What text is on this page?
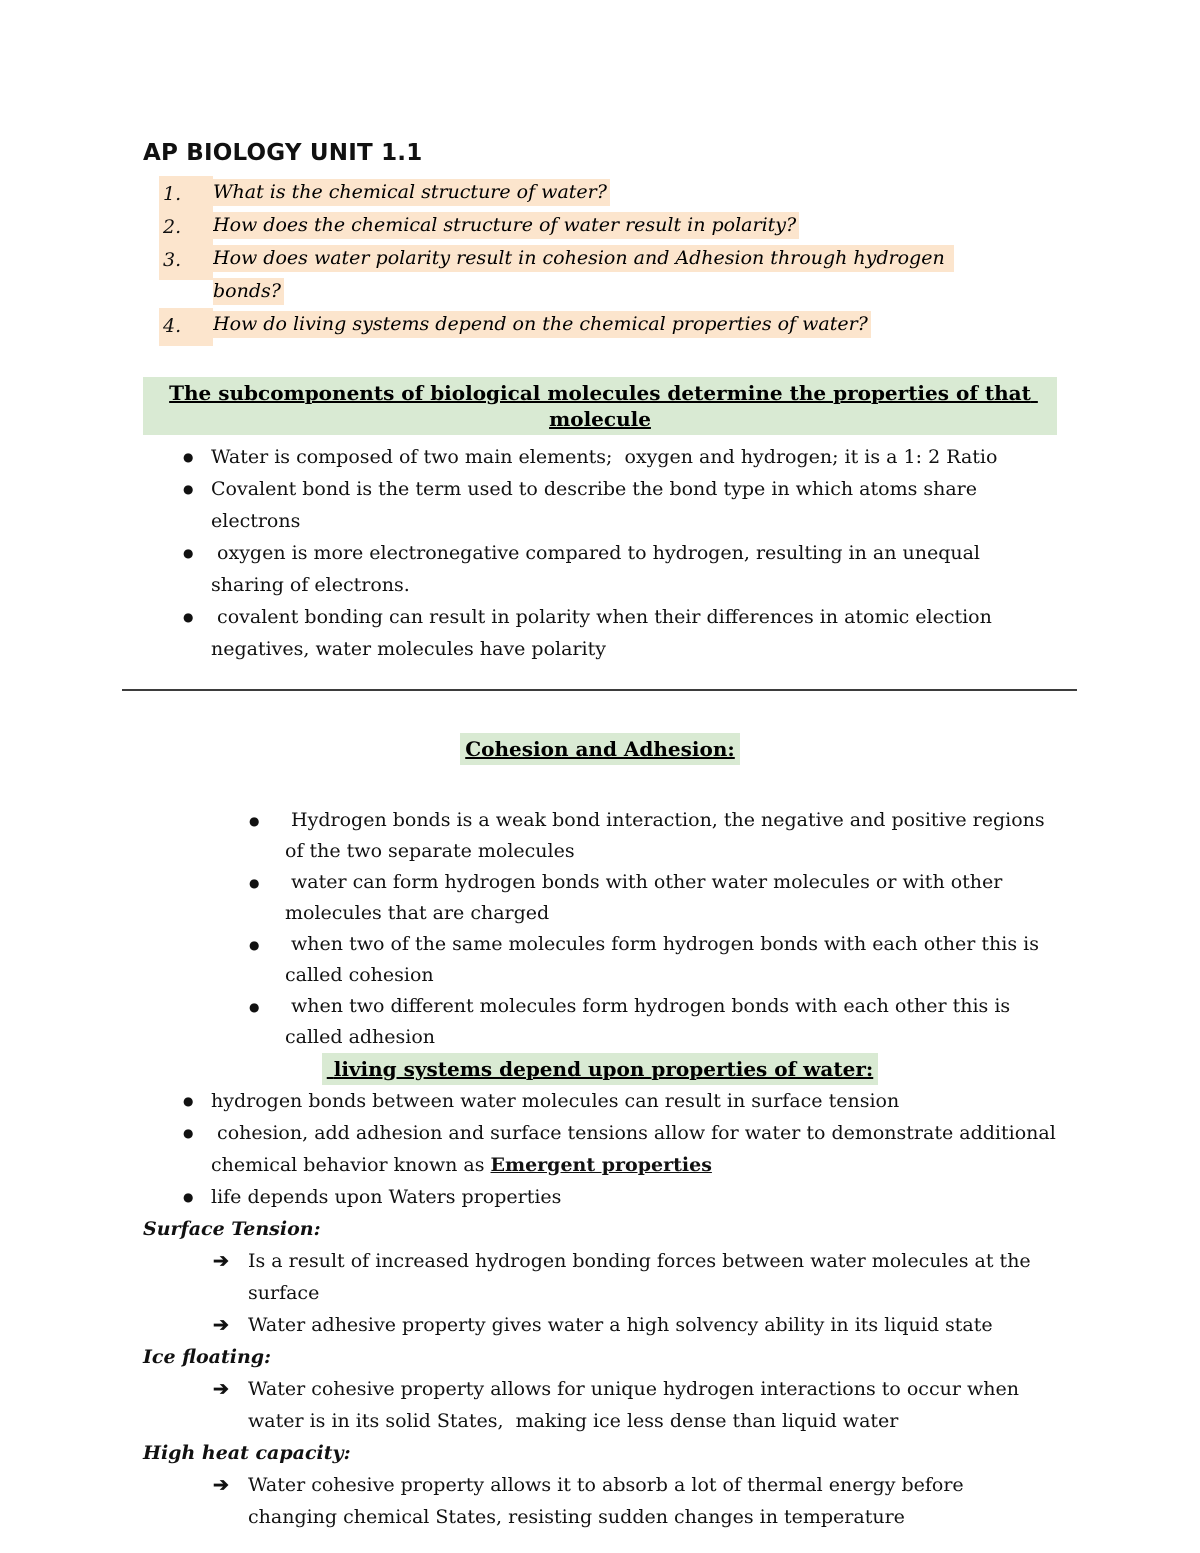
AP BIOLOGY UNIT 1.1
1.	What is the chemical structure of water?
2.	How does the chemical structure of water result in polarity?
3.	How does water polarity result in cohesion and Adhesion through hydrogen bonds?
4.	How do living systems depend on the chemical properties of water?
The subcomponents of biological molecules determine the properties of that molecule
● Water is composed of two main elements;  oxygen and hydrogen; it is a 1: 2 Ratio
● Covalent bond is the term used to describe the bond type in which atoms share electrons
● oxygen is more electronegative compared to hydrogen, resulting in an unequal sharing of electrons.
● covalent bonding can result in polarity when their differences in atomic election negatives, water molecules have polarity
Cohesion and Adhesion:
●	Hydrogen bonds is a weak bond interaction, the negative and positive regions of the two separate molecules
●	water can form hydrogen bonds with other water molecules or with other molecules that are charged
●	when two of the same molecules form hydrogen bonds with each other this is called cohesion
●	when two different molecules form hydrogen bonds with each other this is called adhesion
living systems depend upon properties of water:
● hydrogen bonds between water molecules can result in surface tension
● cohesion, add adhesion and surface tensions allow for water to demonstrate additional chemical behavior known as Emergent properties
● life depends upon Waters properties
Surface Tension:
➔	Is a result of increased hydrogen bonding forces between water molecules at the surface
➔	Water adhesive property gives water a high solvency ability in its liquid state
Ice floating:
➔	Water cohesive property allows for unique hydrogen interactions to occur when water is in its solid States,  making ice less dense than liquid water
High heat capacity:
➔	Water cohesive property allows it to absorb a lot of thermal energy before  changing chemical States, resisting sudden changes in temperature
